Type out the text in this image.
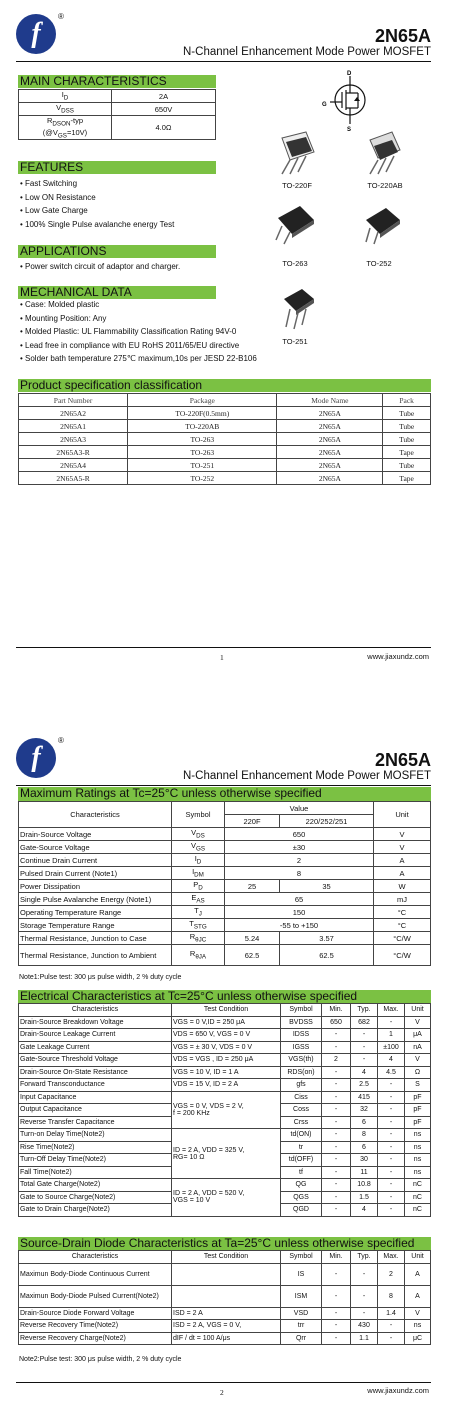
f
®
2N65A
N-Channel Enhancement Mode Power MOSFET
MAIN CHARACTERISTICS
$I_D$	2A
$V_{DSS}$	650V
$R_{DSON}$-typ
$(@V_{GS}=10V)$	4.0Ω
D
G
S
TO-220F	TO-220AB
TO-263	TO-252
TO-251
FEATURES
• Fast Switching
• Low ON Resistance
• Low Gate Charge
• 100% Single Pulse avalanche energy Test
APPLICATIONS
• Power switch circuit of adaptor and charger.
MECHANICAL DATA
• Case: Molded plastic
• Mounting Position: Any
• Molded Plastic: UL Flammability Classification Rating 94V-0
• Lead free in compliance with EU RoHS 2011/65/EU directive
• Solder bath temperature 275℃ maximum,10s per JESD 22-B106
Product specification classification
Part Number	Package	Mode Name	Pack
2N65A2	TO-220F(0.5mm)	2N65A	Tube
2N65A1	TO-220AB	2N65A	Tube
2N65A3	TO-263	2N65A	Tube
2N65A3-R	TO-263	2N65A	Tape
2N65A4	TO-251	2N65A	Tube
2N65A5-R	TO-252	2N65A	Tape
1	www.jiaxundz.com
f
®
2N65A
N-Channel Enhancement Mode Power MOSFET
Maximum Ratings at Tc=25°C unless otherwise specified
Characteristics	Symbol	Value		Unit
		220F	220/252/251	
Drain-Source Voltage	$V_{DS}$	650		V
Gate-Source Voltage	$V_{GS}$	±30		V
Continue Drain Current	$I_D$	2		A
Pulsed Drain Current (Note1)	$I_{DM}$	8		A
Power Dissipation	$P_D$	25	35	W
Single Pulse Avalanche Energy (Note1)	$E_{AS}$	65		mJ
Operating Temperature Range	$T_J$	150		°C
Storage Temperature Range	$T_{STG}$	-55 to +150		°C
Thermal Resistance, Junction to Case	$R_{\theta JC}$	5.24	3.57	°C/W
Thermal Resistance, Junction to Ambient	$R_{\theta JA}$	62.5	62.5	°C/W
Note1:Pulse test: 300 μs pulse width, 2 % duty cycle
Electrical Characteristics at Tc=25°C unless otherwise specified
Characteristics	Test Condition	Symbol	Min.	Typ.	Max.	Unit
Drain-Source Breakdown Voltage	VGS = 0 V,ID = 250 μA	BVDSS	650	682	-	V
Drain-Source Leakage Current	VDS = 650 V, VGS = 0 V	IDSS	-	-	1	μA
Gate Leakage Current	VGS = ± 30 V, VDS = 0 V	IGSS	-	-	±100	nA
Gate-Source Threshold Voltage	VDS = VGS , ID = 250 μA	VGS(th)	2	-	4	V
Drain-Source On-State Resistance	VGS = 10 V, ID = 1 A	RDS(on)	-	4	4.5	Ω
Forward Transconductance	VDS = 15 V, ID = 2 A	gfs	-	2.5	-	S
Input Capacitance	VGS = 0 V, VDS = 2 V,
f = 200 KHz	Ciss	-	415	-	pF
Output Capacitance		Coss	-	32	-	pF
Reverse Transfer Capacitance		Crss	-	6	-	pF
Turn-on Delay Time(Note2)	ID = 2 A, VDD = 325 V,
RG= 10 Ω	td(ON)	-	8	-	ns
Rise Time(Note2)		tr	-	6	-	ns
Turn-Off Delay Time(Note2)		td(OFF)	-	30	-	ns
Fall Time(Note2)		tf	-	11	-	ns
Total Gate Charge(Note2)	ID = 2 A, VDD = 520 V,
VGS = 10 V	QG	-	10.8	-	nC
Gate to Source Charge(Note2)		QGS	-	1.5	-	nC
Gate to Drain Charge(Note2)		QGD	-	4	-	nC
Source-Drain Diode Characteristics at Ta=25°C unless otherwise specified
Characteristics	Test Condition	Symbol	Min.	Typ.	Max.	Unit
Maximun Body-Diode Continuous Current		IS	-	-	2	A
Maximun Body-Diode Pulsed Current(Note2)		ISM	-	-	8	A
Drain-Source Diode Forward Voltage	ISD = 2 A	VSD	-	-	1.4	V
Reverse Recovery Time(Note2)	ISD = 2 A, VGS = 0 V,	trr	-	430	-	ns
Reverse Recovery Charge(Note2)	dIF / dt = 100 A/μs	Qrr	-	1.1	-	μC
Note2:Pulse test: 300 μs pulse width, 2 % duty cycle
2	www.jiaxundz.com
